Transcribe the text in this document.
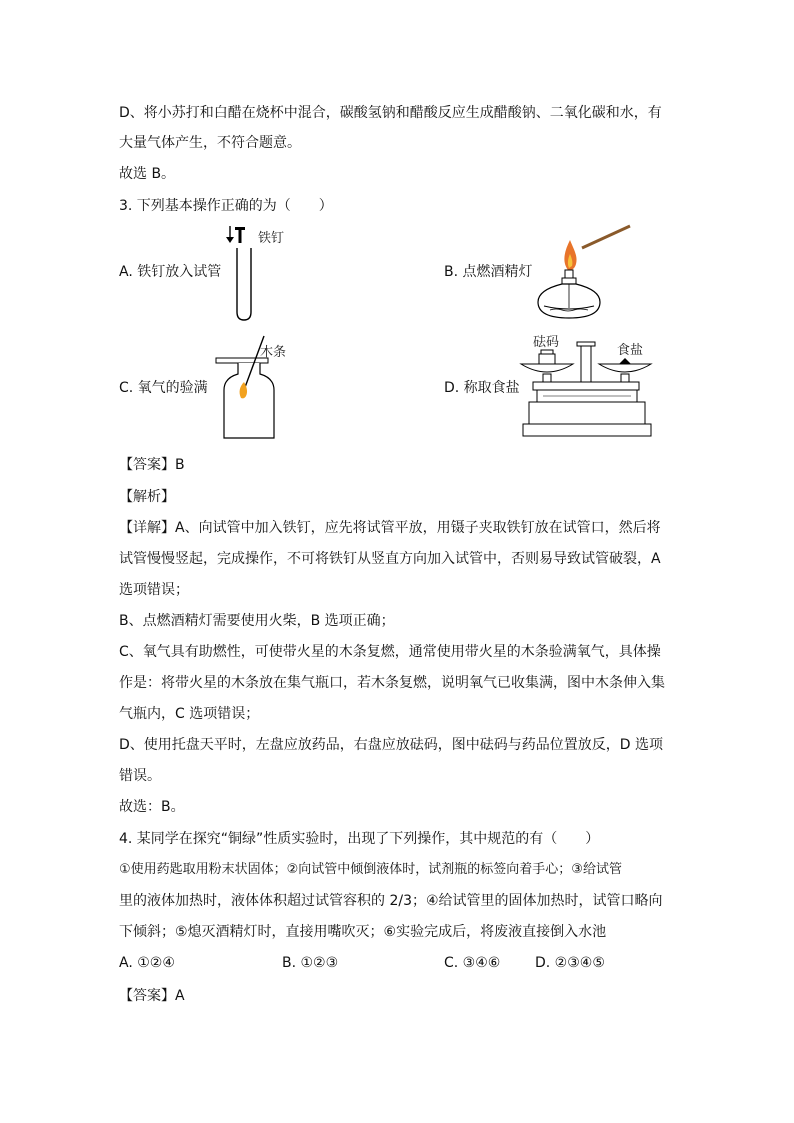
D、将小苏打和白醋在烧杯中混合，碳酸氢钠和醋酸反应生成醋酸钠、二氧化碳和水，有
大量气体产生，不符合题意。
故选 B。
3. 下列基本操作正确的为（　　）
铁钉
A. 铁钉放入试管	B. 点燃酒精灯
木条
C. 氧气的验满
砝码
食盐
D. 称取食盐
【答案】B
【解析】
【详解】A、向试管中加入铁钉，应先将试管平放，用镊子夹取铁钉放在试管口，然后将
试管慢慢竖起，完成操作，不可将铁钉从竖直方向加入试管中，否则易导致试管破裂，A
选项错误；
B、点燃酒精灯需要使用火柴，B 选项正确；
C、氧气具有助燃性，可使带火星的木条复燃，通常使用带火星的木条验满氧气，具体操
作是：将带火星的木条放在集气瓶口，若木条复燃，说明氧气已收集满，图中木条伸入集
气瓶内，C 选项错误；
D、使用托盘天平时，左盘应放药品，右盘应放砝码，图中砝码与药品位置放反，D 选项
错误。
故选：B。
4. 某同学在探究“铜绿”性质实验时，出现了下列操作，其中规范的有（　　）
①使用药匙取用粉末状固体；②向试管中倾倒液体时，试剂瓶的标签向着手心；③给试管
里的液体加热时，液体体积超过试管容积的 2/3；④给试管里的固体加热时，试管口略向
下倾斜；⑤熄灭酒精灯时，直接用嘴吹灭；⑥实验完成后，将废液直接倒入水池
A. ①②④	B. ①②③	C. ③④⑥ D. ②③④⑤
【答案】A
